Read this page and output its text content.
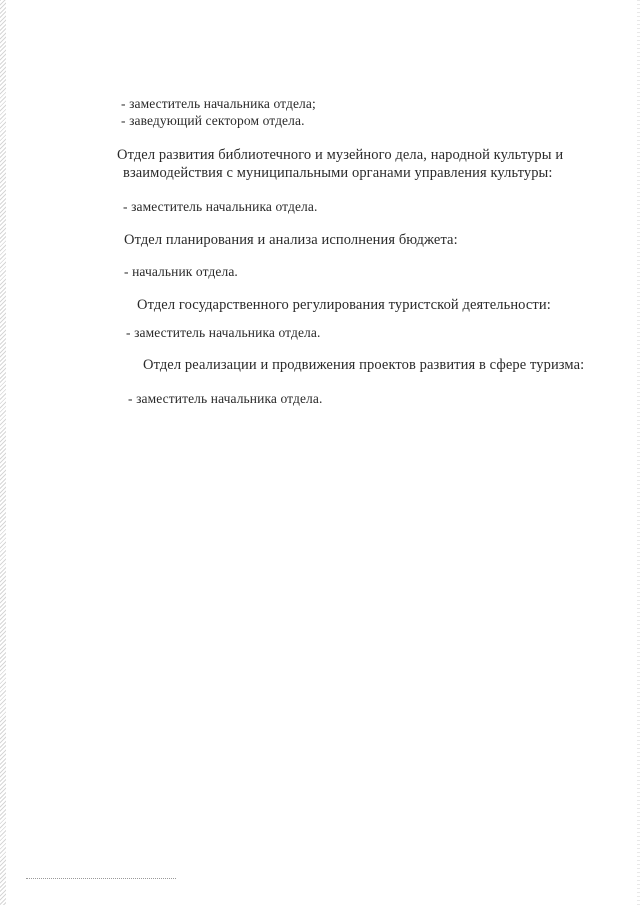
- заместитель начальника отдела;
- заведующий сектором отдела.
Отдел развития библиотечного и музейного дела, народной культуры и
взаимодействия с муниципальными органами управления культуры:
- заместитель начальника отдела.
Отдел планирования и анализа исполнения бюджета:
- начальник отдела.
Отдел государственного регулирования туристской деятельности:
- заместитель начальника отдела.
Отдел реализации и продвижения проектов развития в сфере туризма:
- заместитель начальника отдела.
